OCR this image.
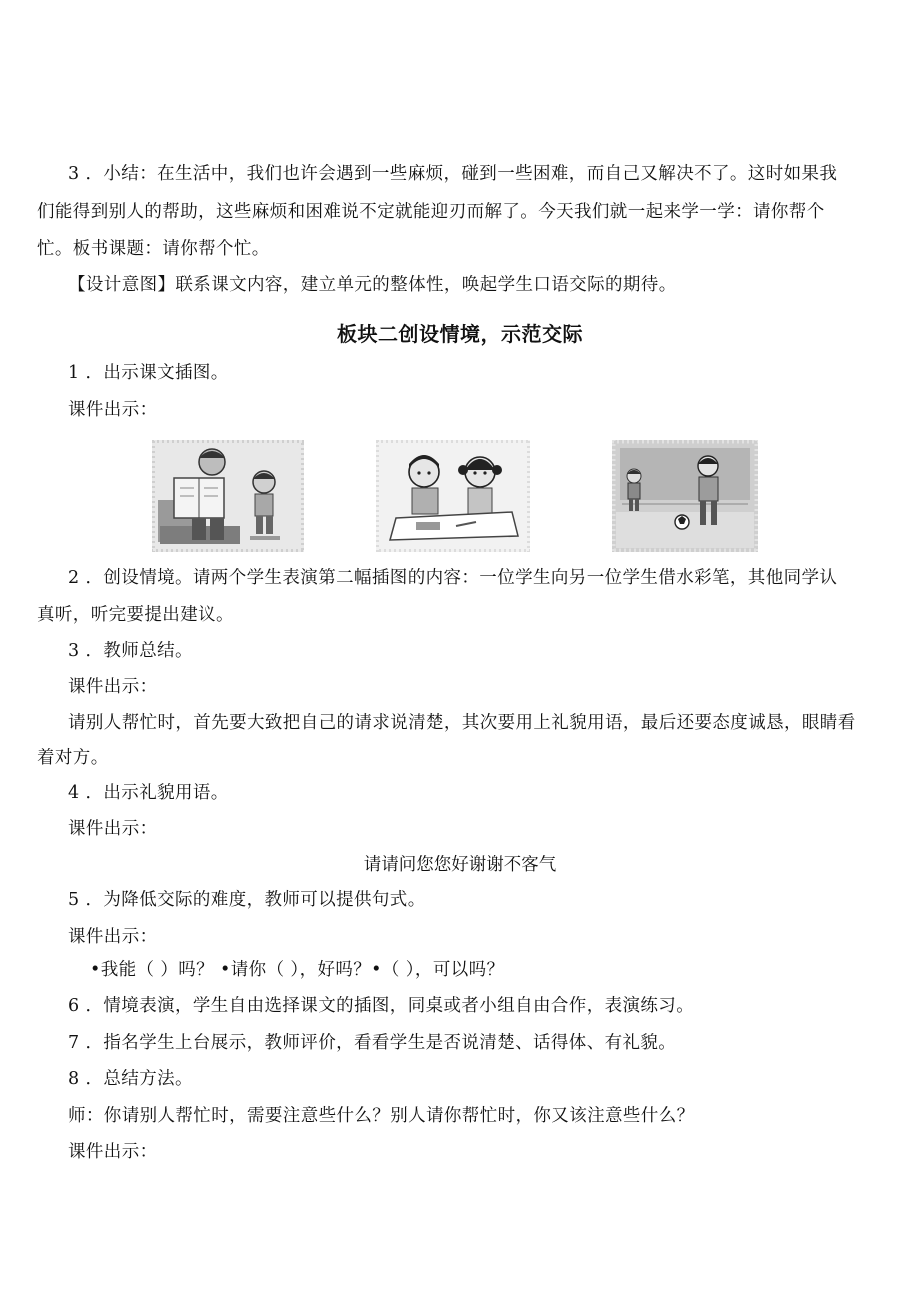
3 ．小结：在生活中，我们也许会遇到一些麻烦，碰到一些困难，而自己又解决不了。这时如果我
们能得到别人的帮助，这些麻烦和困难说不定就能迎刃而解了。今天我们就一起来学一学：请你帮个
忙。板书课题：请你帮个忙。
【设计意图】联系课文内容，建立单元的整体性，唤起学生口语交际的期待。
板块二创设情境，示范交际
1 ．出示课文插图。
课件出示：
2 ．创设情境。请两个学生表演第二幅插图的内容：一位学生向另一位学生借水彩笔，其他同学认
真听，听完要提出建议。
3 ．教师总结。
课件出示：
请别人帮忙时，首先要大致把自己的请求说清楚，其次要用上礼貌用语，最后还要态度诚恳，眼睛看
着对方。
4 ．出示礼貌用语。
课件出示：
请请问您您好谢谢不客气
5 ．为降低交际的难度，教师可以提供句式。
课件出示：
•我能（ ）吗？ •请你（ ），好吗？•（ ），可以吗？
6 ．情境表演，学生自由选择课文的插图，同桌或者小组自由合作，表演练习。
7 ．指名学生上台展示，教师评价，看看学生是否说清楚、话得体、有礼貌。
8 ．总结方法。
师：你请别人帮忙时，需要注意些什么？别人请你帮忙时，你又该注意些什么？
课件出示：
